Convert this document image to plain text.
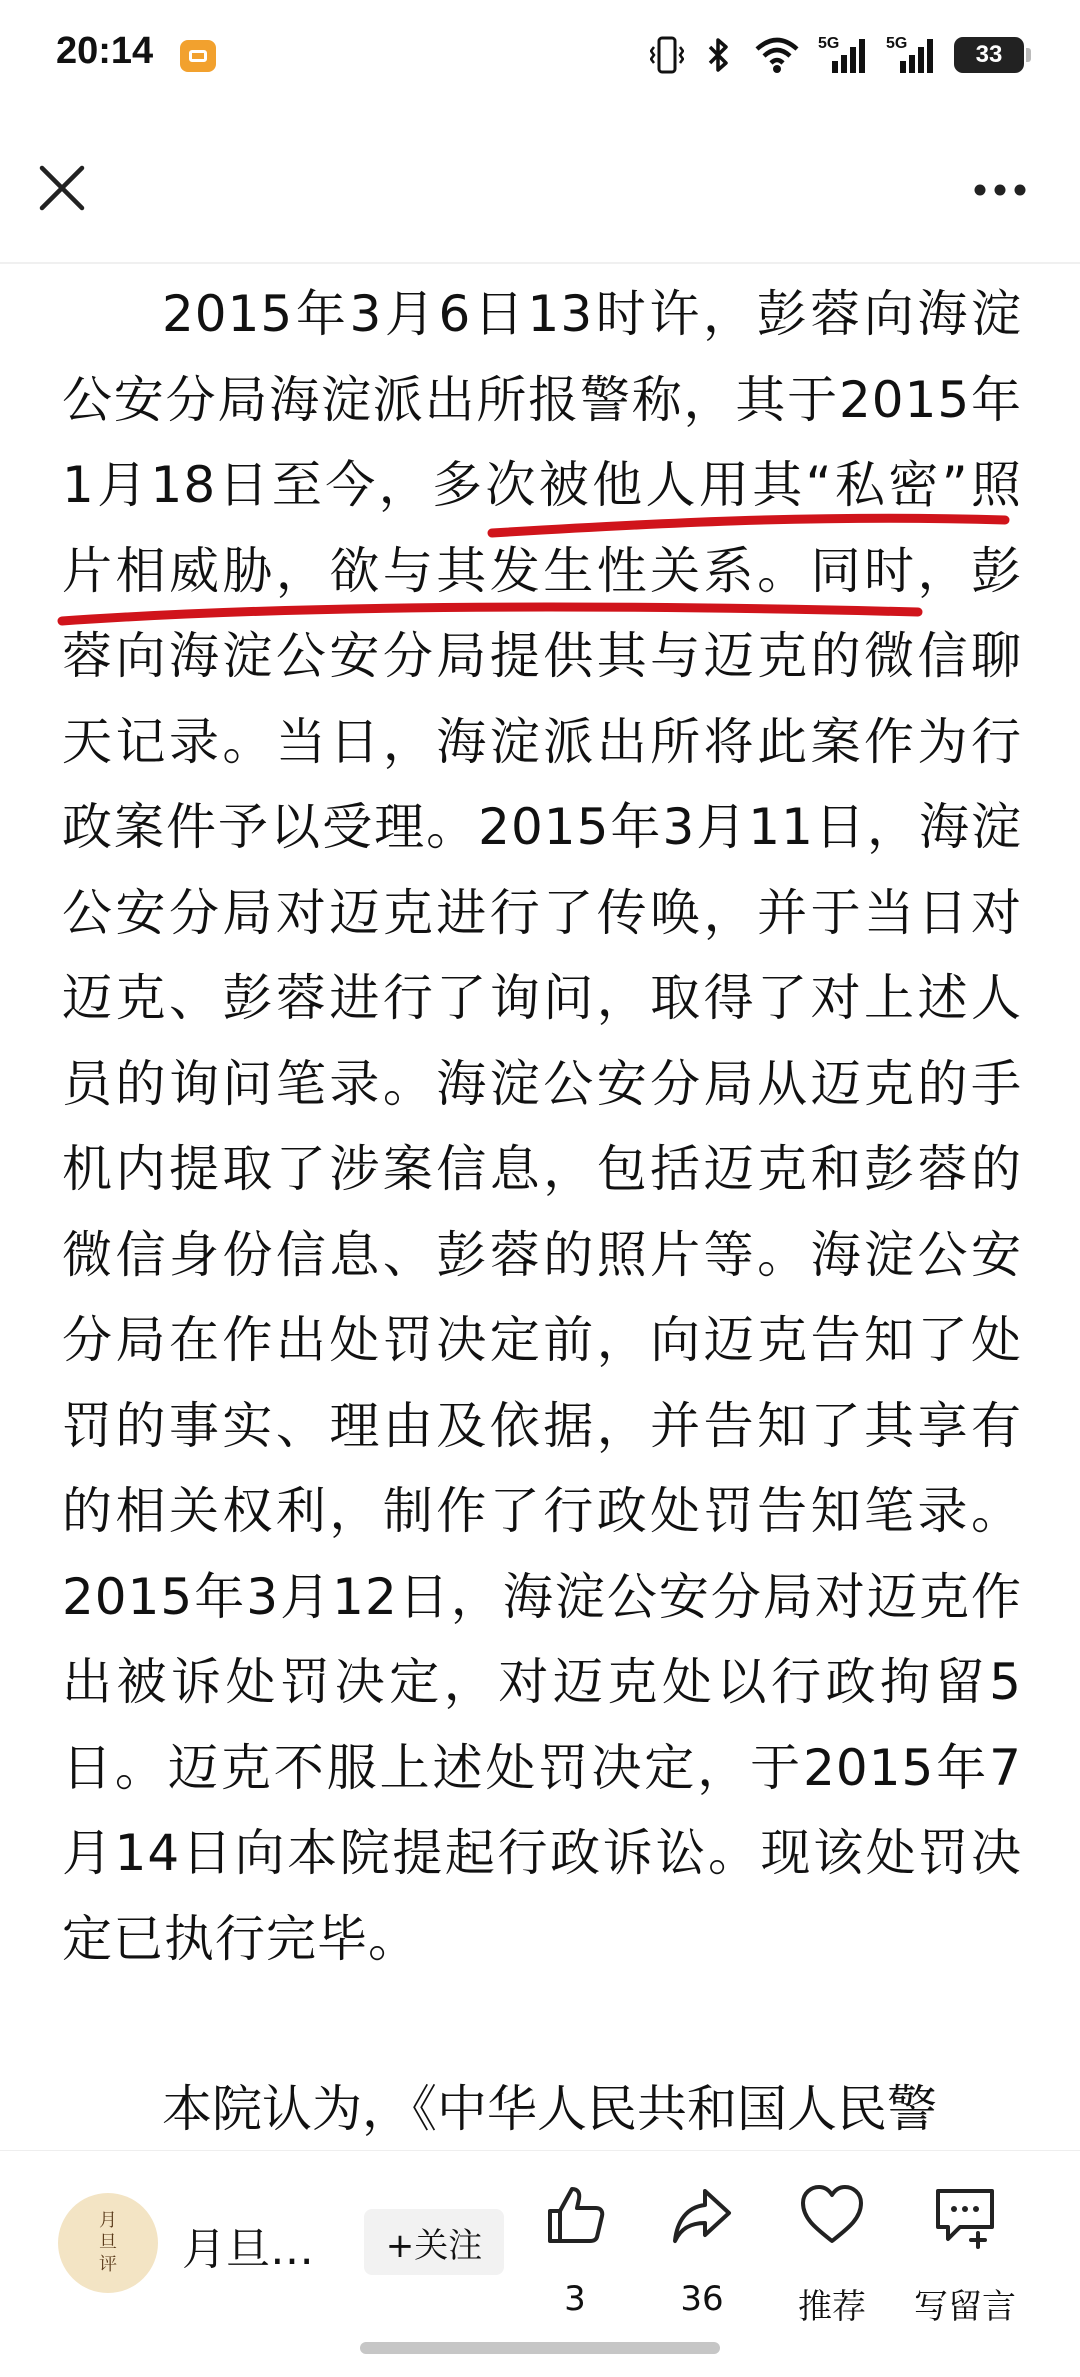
20:14	5G	5G	33

2015年3月6日13时许，彭蓉向海淀公安分局海淀派出所报警称，其于2015年1月18日至今，多次被他人用其“私密”照片相威胁，欲与其发生性关系。同时，彭蓉向海淀公安分局提供其与迈克的微信聊天记录。当日，海淀派出所将此案作为行政案件予以受理。2015年3月11日，海淀公安分局对迈克进行了传唤，并于当日对迈克、彭蓉进行了询问，取得了对上述人员的询问笔录。海淀公安分局从迈克的手机内提取了涉案信息，包括迈克和彭蓉的微信身份信息、彭蓉的照片等。海淀公安分局在作出处罚决定前，向迈克告知了处罚的事实、理由及依据，并告知了其享有的相关权利，制作了行政处罚告知笔录。2015年3月12日，海淀公安分局对迈克作出被诉处罚决定，对迈克处以行政拘留5日。迈克不服上述处罚决定，于2015年7月14日向本院提起行政诉讼。现该处罚决定已执行完毕。

本院认为，《中华人民共和国人民警

月
旦
评 月旦…	+关注
3	36	推荐	写留言
